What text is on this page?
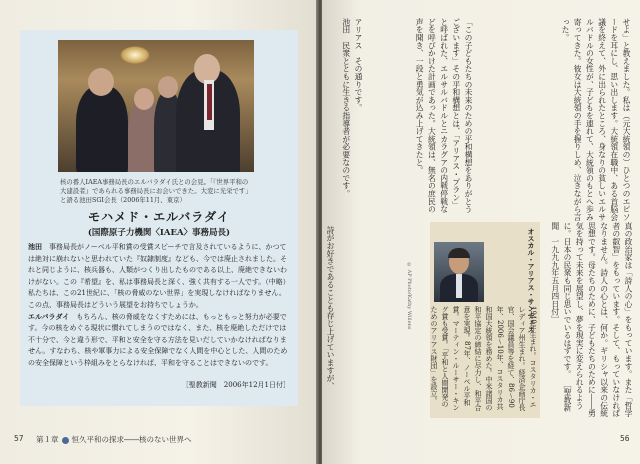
核の番人IAEA事務局長のエルバラダイ氏との会見。「『世界平和の大建設者』であられる事務局長にお会いできた。大変に光栄です」と語る池田SGI会長（2006年11月、東京）
モハメド・エルバラダイ
(国際原子力機関〈IAEA〉事務局長)

池田　 事務局長がノーベル平和賞の受賞スピーチで言及されているように、かつては絶対に崩れないと思われていた『奴隷制度』なども、今では廃止されました。それと同じように、核兵器も、人類がつくり出したものである以上、廃絶できないわけがない。この『希望』を、私は事務局長と深く、強く共有する一人です。（中略）私たちは、この21世紀に、「核の脅威のない世界」を実現しなければなりません。この点、事務局長はどういう展望をお持ちでしょうか。

エルバラダイ　 もちろん、核の脅威をなくすためには、もっともっと努力が必要です。今の核をめぐる現状に慣れてしまうのではなく、また、核を廃絶しただけでは不十分で、今と違う形で、平和と安全を守る方法を見いだしていかなければなりません。すなわち、核や軍事力による安全保障でなく人間を中心とした、人間のための安全保障という枠組みをとらなければ、平和を守ることはできないのです。

［聖教新聞　2006年12月1日付］
57 第１章 恒久平和の探求――核のない世界へ
せよ」と教えました。私は（元大統領の）ひとつのエピソードを耳にし、思い出します。大統領在職中、ある首脳会議を終えて、外に出られたところ、身なりの貧しいエルサルバドルの女性が、子どもを連れて、大統領のもとへ歩み寄ってきた。彼女は大統領の手を握りしめ、泣きながら言った。
「この子どもたちの未来のための平和構想をありがとうございます」その平和構想とは、「アリアス・プラン」と呼ばれた、エルサルバドルとニカラグアの内戦停戦などを呼びかけた計画であった。大統領は、無名の庶民の声を聞き、一段と勇気が込み上げてきたと。
アリアス　その通りです。
池田　民衆とともに生きる指導者が必要なのです。
真の政治家は「詩人の心」をもっています。また「哲学者の叡智」をもっています。そして、もっていなければなりません。詩人の心とは、何か。ギリシャ以来の伝統思想です。母たちのために、子どもたちのために――勇気を持って未来を展望し、夢を現実に変えられるように。日本の民衆も同じ思いでいるはずです。 ［聖教新聞　一九九九年五月四日付］
オスカル・アリアス・サンチェス
1940年生まれ。コスタリカ・エレディア州生まれ。経済企画庁長官、国会議員等を経て、86～90年、2006～10年、コスタリカ共和国大統領を務めた。中米諸国の和平協定の締結に尽力し、和平合意を実現。87年、ノーベル平和賞。マーティン・ルーサー・キング賞も受賞。「平和と人間開発のためのアリアス財団」を設立。
© AP Photo/Kathy Willens
詩がお好きであることも存じ上げていますが、
56
